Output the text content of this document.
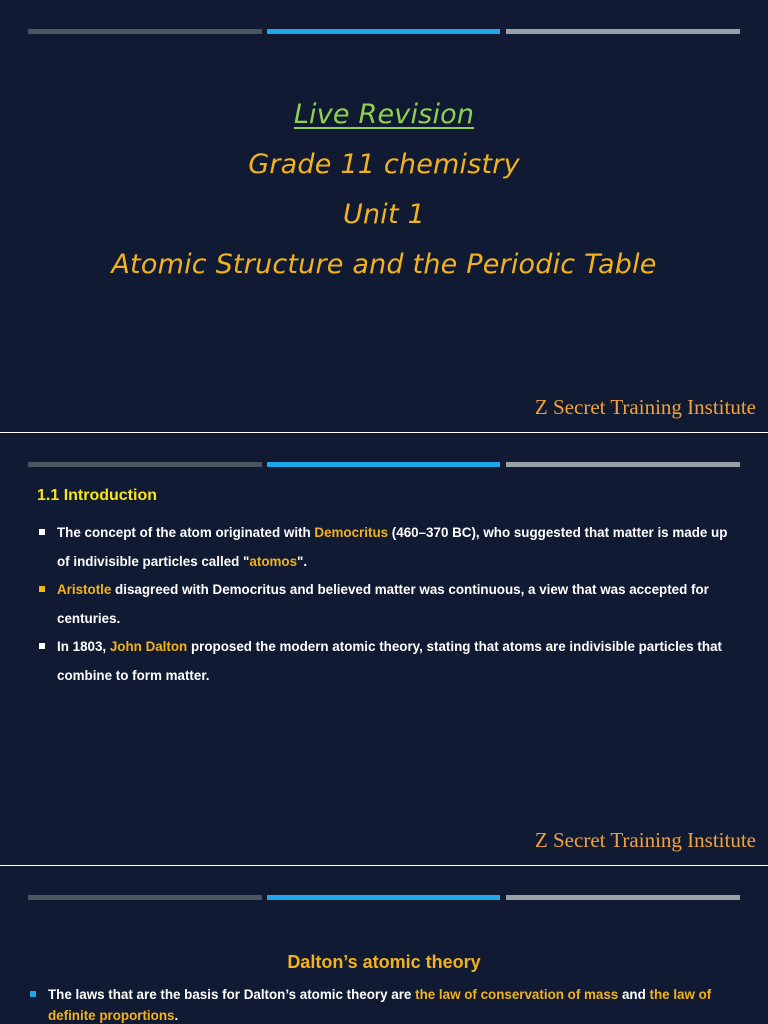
Live Revision
Grade 11 chemistry
Unit 1
Atomic Structure and the Periodic Table
Z Secret Training Institute
1.1 Introduction
The concept of the atom originated with Democritus (460–370 BC), who suggested that matter is made up of indivisible particles called "atomos".
Aristotle disagreed with Democritus and believed matter was continuous, a view that was accepted for centuries.
In 1803, John Dalton proposed the modern atomic theory, stating that atoms are indivisible particles that combine to form matter.
Z Secret Training Institute
Dalton’s atomic theory
The laws that are the basis for Dalton’s atomic theory are the law of conservation of mass and the law of definite proportions.
